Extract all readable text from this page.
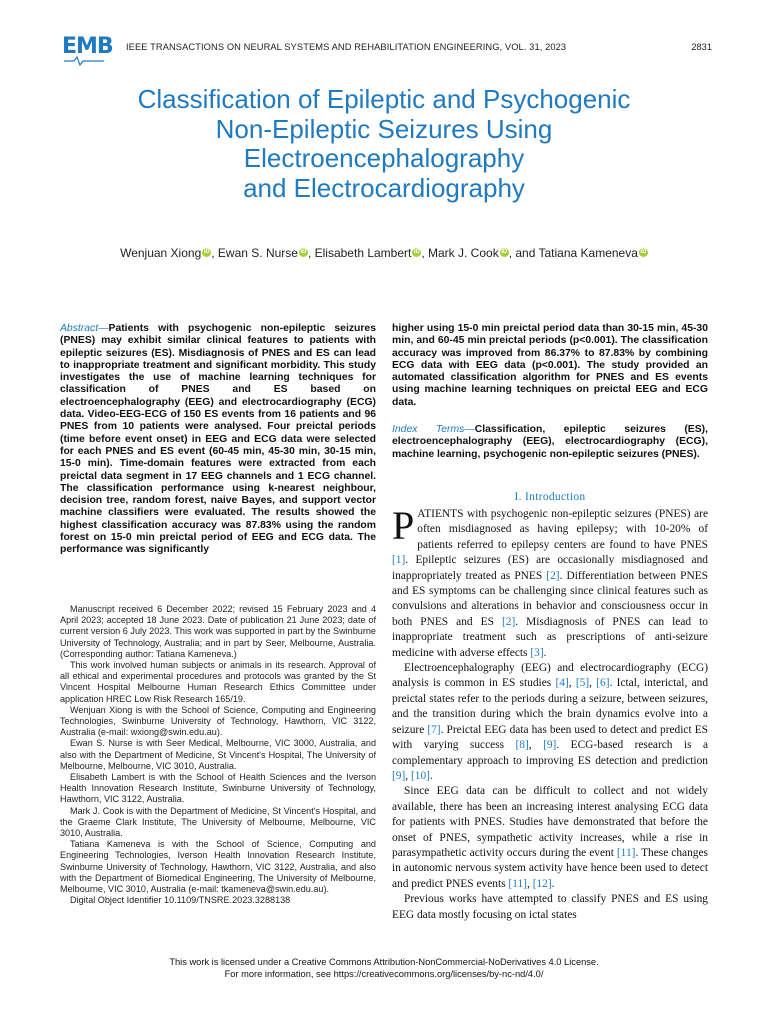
EMB IEEE TRANSACTIONS ON NEURAL SYSTEMS AND REHABILITATION ENGINEERING, VOL. 31, 2023	2831
Classification of Epileptic and Psychogenic
Non-Epileptic Seizures Using
Electroencephalography
and Electrocardiography
Wenjuan Xiong iD , Ewan S. Nurse iD , Elisabeth Lambert iD , Mark J. Cook iD , and Tatiana Kameneva iD
Abstract—Patients with psychogenic non-epileptic seizures (PNES) may exhibit similar clinical features to patients with epileptic seizures (ES). Misdiagnosis of PNES and ES can lead to inappropriate treatment and significant morbidity. This study investigates the use of machine learning techniques for classification of PNES and ES based on electroencephalography (EEG) and electrocardiography (ECG) data. Video-EEG-ECG of 150 ES events from 16 patients and 96 PNES from 10 patients were analysed. Four preictal periods (time before event onset) in EEG and ECG data were selected for each PNES and ES event (60-45 min, 45-30 min, 30-15 min, 15-0 min). Time-domain features were extracted from each preictal data segment in 17 EEG channels and 1 ECG channel. The classification performance using k-nearest neighbour, decision tree, random forest, naive Bayes, and support vector machine classifiers were evaluated. The results showed the highest classification accuracy was 87.83% using the random forest on 15-0 min preictal period of EEG and ECG data. The performance was significantly
higher using 15-0 min preictal period data than 30-15 min, 45-30 min, and 60-45 min preictal periods (p<0.001). The classification accuracy was improved from 86.37% to 87.83% by combining ECG data with EEG data (p<0.001). The study provided an automated classification algorithm for PNES and ES events using machine learning techniques on preictal EEG and ECG data.
Index Terms—Classification, epileptic seizures (ES), electroencephalography (EEG), electrocardiography (ECG), machine learning, psychogenic non-epileptic seizures (PNES).

Manuscript received 6 December 2022; revised 15 February 2023 and 4 April 2023; accepted 18 June 2023. Date of publication 21 June 2023; date of current version 6 July 2023. This work was supported in part by the Swinburne University of Technology, Australia; and in part by Seer, Melbourne, Australia. (Corresponding author: Tatiana Kameneva.)

This work involved human subjects or animals in its research. Approval of all ethical and experimental procedures and protocols was granted by the St Vincent Hospital Melbourne Human Research Ethics Committee under application HREC Low Risk Research 165/19.

Wenjuan Xiong is with the School of Science, Computing and Engineering Technologies, Swinburne University of Technology, Hawthorn, VIC 3122, Australia (e-mail: wxiong@swin.edu.au).

Ewan S. Nurse is with Seer Medical, Melbourne, VIC 3000, Australia, and also with the Department of Medicine, St Vincent's Hospital, The University of Melbourne, Melbourne, VIC 3010, Australia.

Elisabeth Lambert is with the School of Health Sciences and the Iverson Health Innovation Research Institute, Swinburne University of Technology, Hawthorn, VIC 3122, Australia.

Mark J. Cook is with the Department of Medicine, St Vincent's Hospital, and the Graeme Clark Institute, The University of Melbourne, Melbourne, VIC 3010, Australia.

Tatiana Kameneva is with the School of Science, Computing and Engineering Technologies, Iverson Health Innovation Research Institute, Swinburne University of Technology, Hawthorn, VIC 3122, Australia, and also with the Department of Biomedical Engineering, The University of Melbourne, Melbourne, VIC 3010, Australia (e-mail: tkameneva@swin.edu.au).

Digital Object Identifier 10.1109/TNSRE.2023.3288138

I. Introduction

PATIENTS with psychogenic non-epileptic seizures (PNES) are often misdiagnosed as having epilepsy; with 10-20% of patients referred to epilepsy centers are found to have PNES [1]. Epileptic seizures (ES) are occasionally misdiagnosed and inappropriately treated as PNES [2]. Differentiation between PNES and ES symptoms can be challenging since clinical features such as convulsions and alterations in behavior and consciousness occur in both PNES and ES [2]. Misdiagnosis of PNES can lead to inappropriate treatment such as prescriptions of anti-seizure medicine with adverse effects [3].

Electroencephalography (EEG) and electrocardiography (ECG) analysis is common in ES studies [4], [5], [6]. Ictal, interictal, and preictal states refer to the periods during a seizure, between seizures, and the transition during which the brain dynamics evolve into a seizure [7]. Preictal EEG data has been used to detect and predict ES with varying success [8], [9]. ECG-based research is a complementary approach to improving ES detection and prediction [9], [10].

Since EEG data can be difficult to collect and not widely available, there has been an increasing interest analysing ECG data for patients with PNES. Studies have demonstrated that before the onset of PNES, sympathetic activity increases, while a rise in parasympathetic activity occurs during the event [11]. These changes in autonomic nervous system activity have hence been used to detect and predict PNES events [11], [12].

Previous works have attempted to classify PNES and ES using EEG data mostly focusing on ictal states

This work is licensed under a Creative Commons Attribution-NonCommercial-NoDerivatives 4.0 License.
For more information, see https://creativecommons.org/licenses/by-nc-nd/4.0/
